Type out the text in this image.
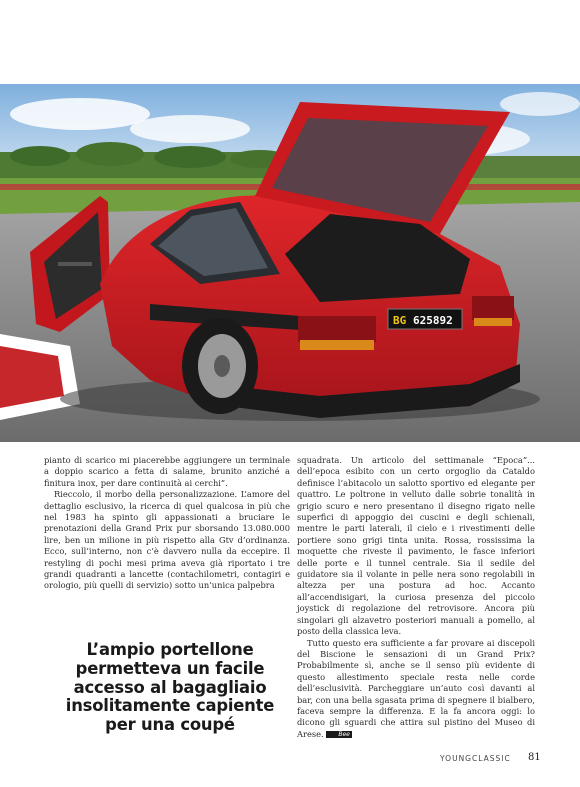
BG 625892

pianto di scarico mi piacerebbe aggiungere un terminale a doppio scarico a fetta di salame, brunito anziché a finitura inox, per dare continuità ai cerchi”.

Rieccolo, il morbo della personalizzazione. L’amore del dettaglio esclusivo, la ricerca di quel qualcosa in più che nel 1983 ha spinto gli appassionati a bruciare le prenotazioni della Grand Prix pur sborsando 13.080.000 lire, ben un milione in più rispetto alla Gtv d’ordinanza. Ecco, sull’interno, non c’è davvero nulla da eccepire. Il restyling di pochi mesi prima aveva già riportato i tre grandi quadranti a lancette (contachilometri, contagiri e orologio, più quelli di servizio) sotto un’unica palpebra

L’ampio portellone permetteva un facile accesso al bagagliaio insolitamente capiente per una coupé

squadrata. Un articolo del settimanale “Epoca”... dell’epoca esibito con un certo orgoglio da Cataldo definisce l’abitacolo un salotto sportivo ed elegante per quattro. Le poltrone in velluto dalle sobrie tonalità in grigio scuro e nero presentano il disegno rigato nelle superfici di appoggio dei cuscini e degli schienali, mentre le parti laterali, il cielo e i rivestimenti delle portiere sono grigi tinta unita. Rossa, rossissima la moquette che riveste il pavimento, le fasce inferiori delle porte e il tunnel centrale. Sia il sedile del guidatore sia il volante in pelle nera sono regolabili in altezza per una postura ad hoc. Accanto all’accendisigari, la curiosa presenza del piccolo joystick di regolazione del retrovisore. Ancora più singolari gli alzavetro posteriori manuali a pomello, al posto della classica leva.

Tutto questo era sufficiente a far provare ai discepoli del Biscione le sensazioni di un Grand Prix? Probabilmente sì, anche se il senso più evidente di questo allestimento speciale resta nelle corde dell’esclusività. Parcheggiare un’auto così davanti al bar, con una bella sgasata prima di spegnere il bialbero, faceva sempre la differenza. E la fa ancora oggi: lo dicono gli sguardi che attira sul pistino del Museo di Arese. Bee

YOUNGCLASSIC 81
